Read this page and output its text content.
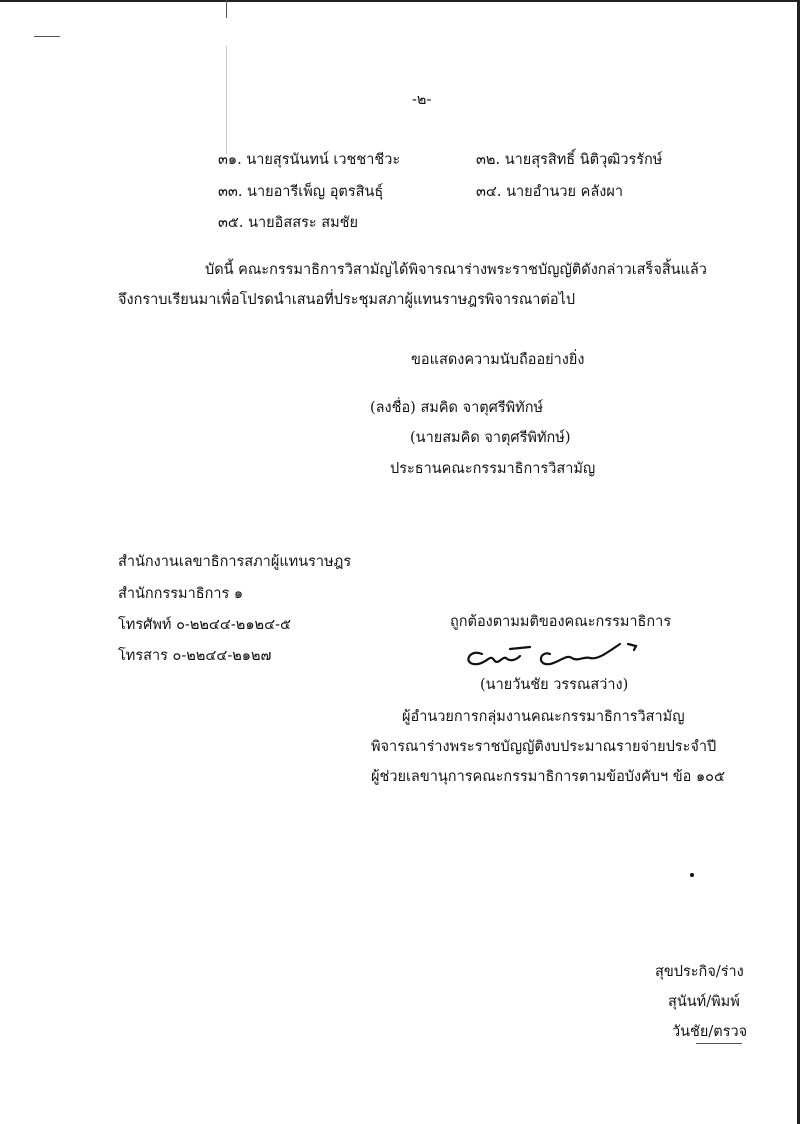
-๒-
๓๑. นายสุรนันทน์ เวชชาชีวะ	๓๒. นายสุรสิทธิ์ นิติวุฒิวรรักษ์
๓๓. นายอารีเพ็ญ อุตรสินธุ์	๓๔. นายอำนวย คลังผา
๓๕. นายอิสสระ สมชัย
บัดนี้ คณะกรรมาธิการวิสามัญได้พิจารณาร่างพระราชบัญญัติดังกล่าวเสร็จสิ้นแล้ว
จึงกราบเรียนมาเพื่อโปรดนำเสนอที่ประชุมสภาผู้แทนราษฎรพิจารณาต่อไป
ขอแสดงความนับถืออย่างยิ่ง
(ลงชื่อ) สมคิด จาตุศรีพิทักษ์
(นายสมคิด จาตุศรีพิทักษ์)
ประธานคณะกรรมาธิการวิสามัญ
สำนักงานเลขาธิการสภาผู้แทนราษฎร
สำนักกรรมาธิการ ๑
โทรศัพท์ ๐-๒๒๔๔-๒๑๒๔-๕
โทรสาร ๐-๒๒๔๔-๒๑๒๗
ถูกต้องตามมติของคณะกรรมาธิการ
(นายวันชัย วรรณสว่าง)
ผู้อำนวยการกลุ่มงานคณะกรรมาธิการวิสามัญ
พิจารณาร่างพระราชบัญญัติงบประมาณรายจ่ายประจำปี
ผู้ช่วยเลขานุการคณะกรรมาธิการตามข้อบังคับฯ ข้อ ๑๐๕
สุขประกิจ/ร่าง
สุนันท์/พิมพ์
วันชัย/ตรวจ
